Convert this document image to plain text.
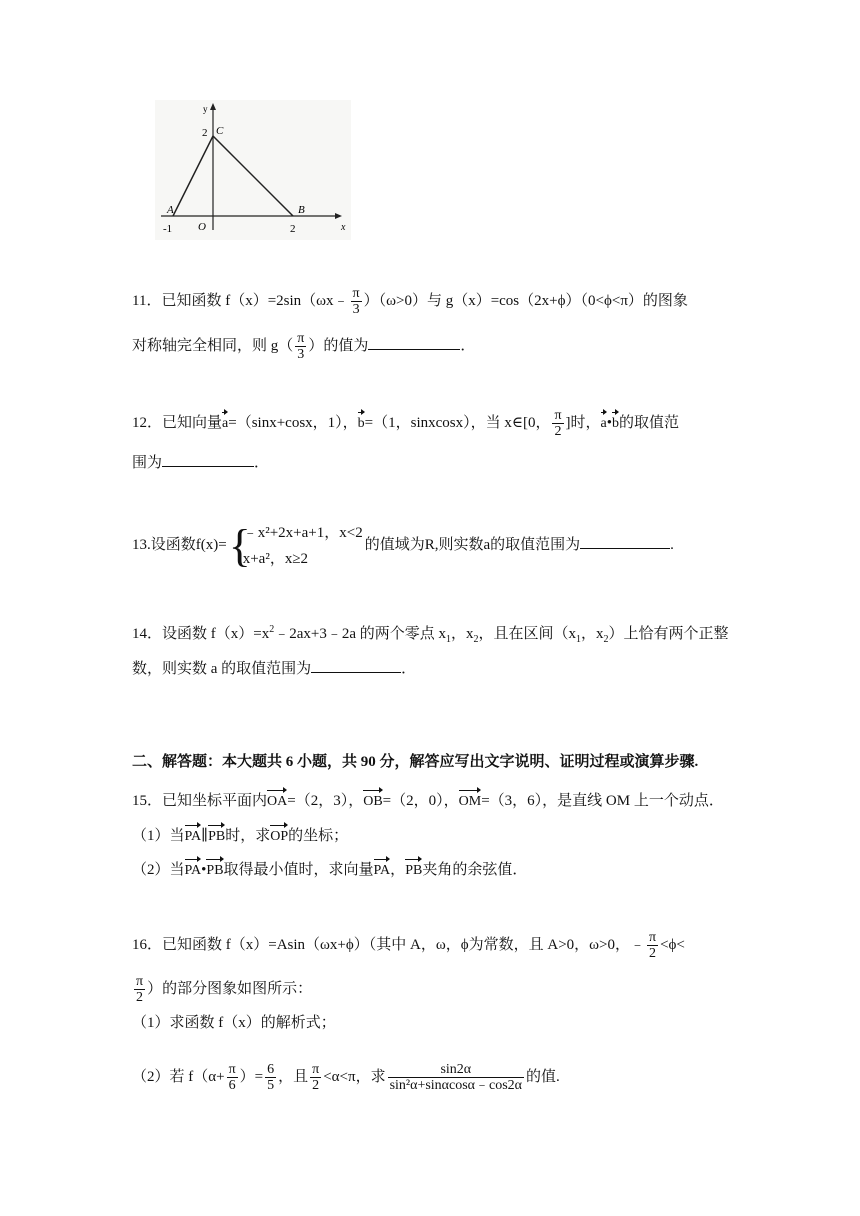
y
x
C
2
A
-1 O
B
2
11．已知函数 f（x）=2sin（ωx﹣ $\frac{\pi}{3} )(\omega>0)$与 g（x）=cos（2x+ϕ）（0<ϕ<π）的图象
对称轴完全相同，则 $g( \frac{\pi}{3}$ ）的值为	．
12．已知向量a=（sinx+cosx，1），b=（1，sinxcosx），当 x∈[0， $\frac{\pi}{2}$ ]时，a•b的取值范
围为	．
13.设函数f(x)= {
﹣x²+2x+a+1，x<2
x+a²，x≥2
的值域为R,则实数a的取值范围为	.
14．设函数 $f(x)=x^2﹣2ax+3﹣2a$ 的两个零点 $x_1$，$x_2$，且在区间（$x_1$，$x_2$）上恰有两个正整
数，则实数 a 的取值范围为	．
二、解答题：本大题共 6 小题，共 90 分，解答应写出文字说明、证明过程或演算步骤.
15．已知坐标平面内OA=（2，3），OB=（2，0），OM=（3，6），是直线 OM 上一个动点．
（1）当PA∥PB时，求OP的坐标；
（2）当PA•PB取得最小值时，求向量PA，PB夹角的余弦值．
16．已知函数 f（x）=Asin（ωx+ϕ）（其中 A，ω，ϕ为常数，且 A>0，ω>0，﹣ $\frac{\pi}{2} <\phi<$
$\frac{\pi}{2}$ ）的部分图象如图所示：
（1）求函数 f（x）的解析式；
（2）若 $f(\alpha+ \frac{\pi}{6}$ ）= $\frac{6}{5}$ ，且 $\frac{\pi}{2} <\alpha<\pi$，求 $\frac{\sin 2\alpha}{\text{sin²α+sinαcosα﹣cos2α}}$ 的值.
